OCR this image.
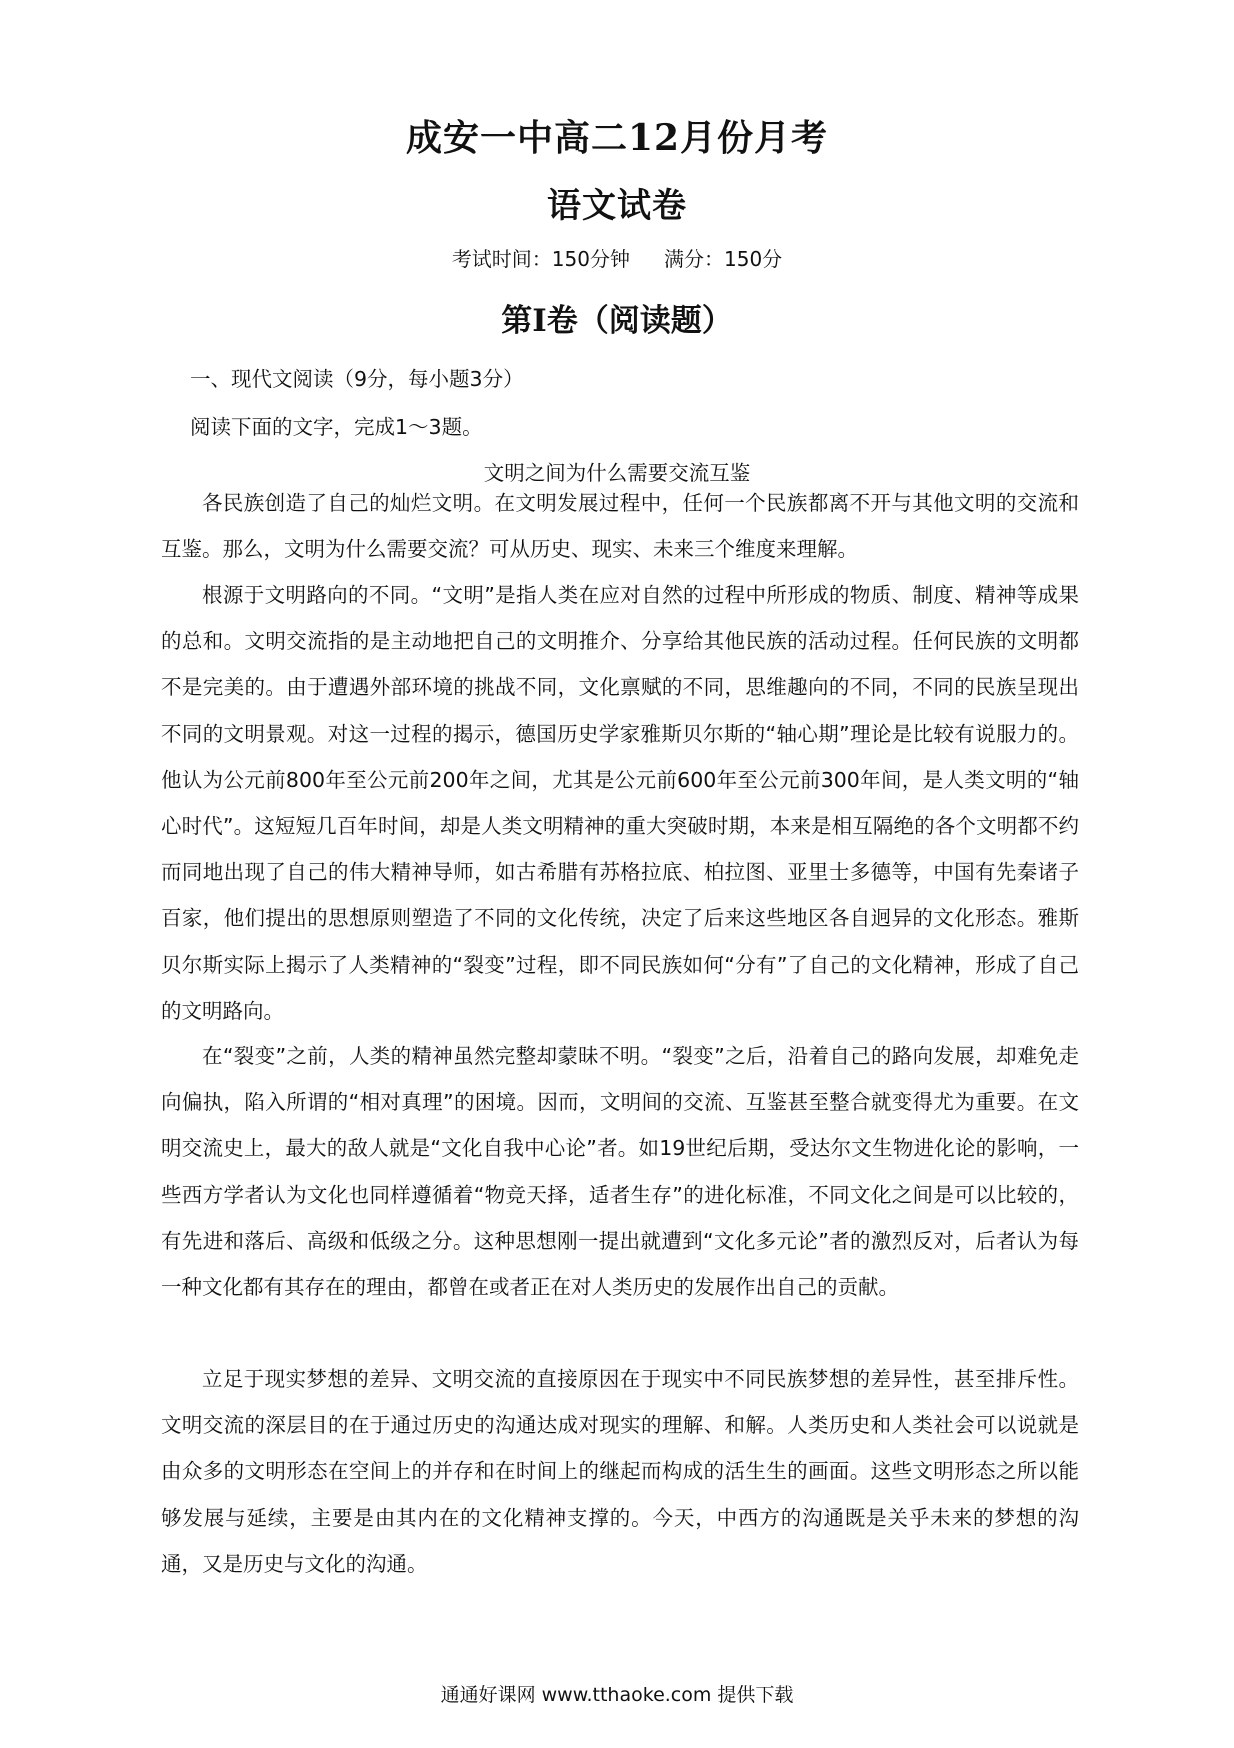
成安一中高二12月份月考
语文试卷
考试时间：150分钟 满分：150分
第Ⅰ卷（阅读题）
一、现代文阅读（9分，每小题3分）
阅读下面的文字，完成1～3题。
文明之间为什么需要交流互鉴

各民族创造了自己的灿烂文明。在文明发展过程中，任何一个民族都离不开与其他文明的交流和互鉴。那么，文明为什么需要交流？可从历史、现实、未来三个维度来理解。

根源于文明路向的不同。“文明”是指人类在应对自然的过程中所形成的物质、制度、精神等成果的总和。文明交流指的是主动地把自己的文明推介、分享给其他民族的活动过程。任何民族的文明都不是完美的。由于遭遇外部环境的挑战不同，文化禀赋的不同，思维趣向的不同，不同的民族呈现出不同的文明景观。对这一过程的揭示，德国历史学家雅斯贝尔斯的“轴心期”理论是比较有说服力的。他认为公元前800年至公元前200年之间，尤其是公元前600年至公元前300年间，是人类文明的“轴心时代”。这短短几百年时间，却是人类文明精神的重大突破时期，本来是相互隔绝的各个文明都不约而同地出现了自己的伟大精神导师，如古希腊有苏格拉底、柏拉图、亚里士多德等，中国有先秦诸子百家，他们提出的思想原则塑造了不同的文化传统，决定了后来这些地区各自迥异的文化形态。雅斯贝尔斯实际上揭示了人类精神的“裂变”过程，即不同民族如何“分有”了自己的文化精神，形成了自己的文明路向。

在“裂变”之前，人类的精神虽然完整却蒙昧不明。“裂变”之后，沿着自己的路向发展，却难免走向偏执，陷入所谓的“相对真理”的困境。因而，文明间的交流、互鉴甚至整合就变得尤为重要。在文明交流史上，最大的敌人就是“文化自我中心论”者。如19世纪后期，受达尔文生物进化论的影响，一些西方学者认为文化也同样遵循着“物竞天择，适者生存”的进化标准，不同文化之间是可以比较的，有先进和落后、高级和低级之分。这种思想刚一提出就遭到“文化多元论”者的激烈反对，后者认为每一种文化都有其存在的理由，都曾在或者正在对人类历史的发展作出自己的贡献。

立足于现实梦想的差异、文明交流的直接原因在于现实中不同民族梦想的差异性，甚至排斥性。文明交流的深层目的在于通过历史的沟通达成对现实的理解、和解。人类历史和人类社会可以说就是由众多的文明形态在空间上的并存和在时间上的继起而构成的活生生的画面。这些文明形态之所以能够发展与延续，主要是由其内在的文化精神支撑的。今天，中西方的沟通既是关乎未来的梦想的沟通，又是历史与文化的沟通。

通通好课网 www.tthaoke.com 提供下载
